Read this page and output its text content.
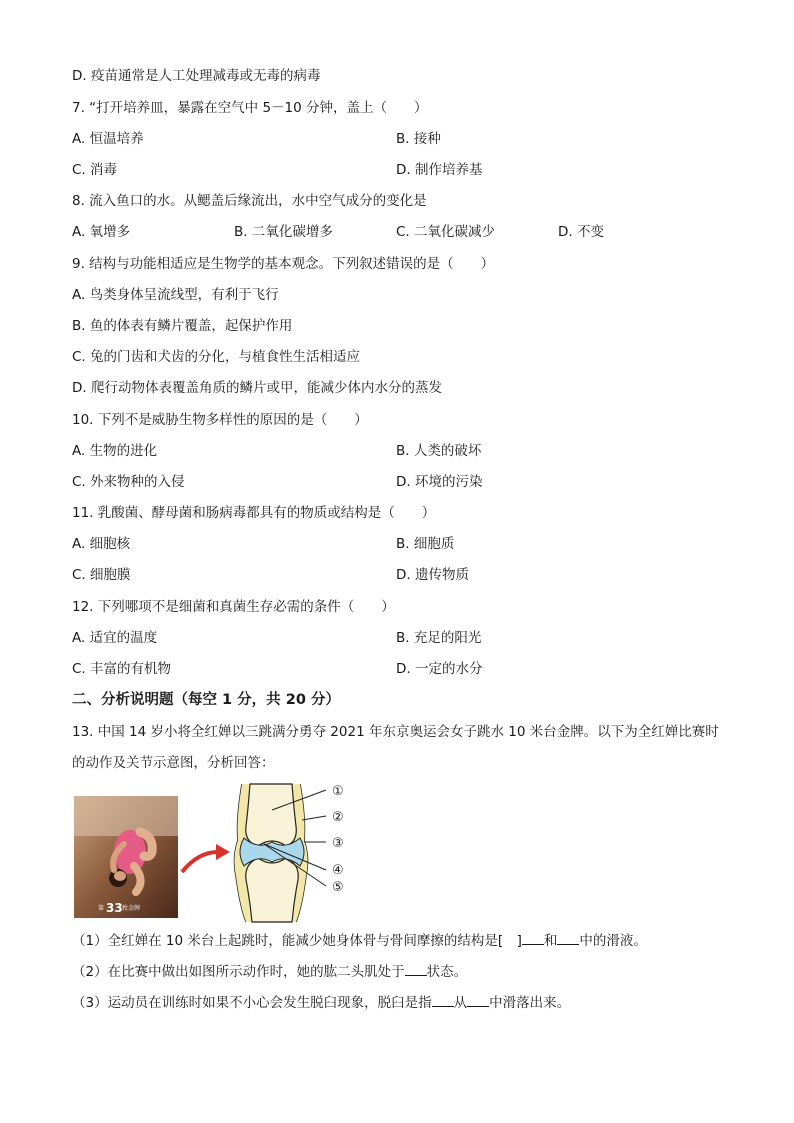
D. 疫苗通常是人工处理减毒或无毒的病毒
7. “打开培养皿，暴露在空气中 5－10 分钟，盖上（　　）
A. 恒温培养	B. 接种
C. 消毒	D. 制作培养基
8. 流入鱼口的水。从鳃盖后缘流出，水中空气成分的变化是
A. 氧增多	B. 二氧化碳增多	C. 二氧化碳减少	D. 不变
9. 结构与功能相适应是生物学的基本观念。下列叙述错误的是（　　）
A. 鸟类身体呈流线型，有利于飞行
B. 鱼的体表有鳞片覆盖，起保护作用
C. 兔的门齿和犬齿的分化，与植食性生活相适应
D. 爬行动物体表覆盖角质的鳞片或甲，能减少体内水分的蒸发
10. 下列不是威胁生物多样性的原因的是（　　）
A. 生物的进化	B. 人类的破坏
C. 外来物种的入侵	D. 环境的污染
11. 乳酸菌、酵母菌和肠病毒都具有的物质或结构是（　　）
A. 细胞核	B. 细胞质
C. 细胞膜	D. 遗传物质
12. 下列哪项不是细菌和真菌生存必需的条件（　　）
A. 适宜的温度	B. 充足的阳光
C. 丰富的有机物	D. 一定的水分
二、分析说明题（每空 1 分，共 20 分）
13. 中国 14 岁小将全红婵以三跳满分勇夺 2021 年东京奥运会女子跳水 10 米台金牌。以下为全红婵比赛时
的动作及关节示意图，分析回答：
第 33 枚金牌
①
②
③
④
⑤
（1）全红婵在 10 米台上起跳时，能减少她身体骨与骨间摩擦的结构是[　] 和 中的滑液。
（2）在比赛中做出如图所示动作时，她的肱二头肌处于 状态。
（3）运动员在训练时如果不小心会发生脱臼现象，脱臼是指 从 中滑落出来。
